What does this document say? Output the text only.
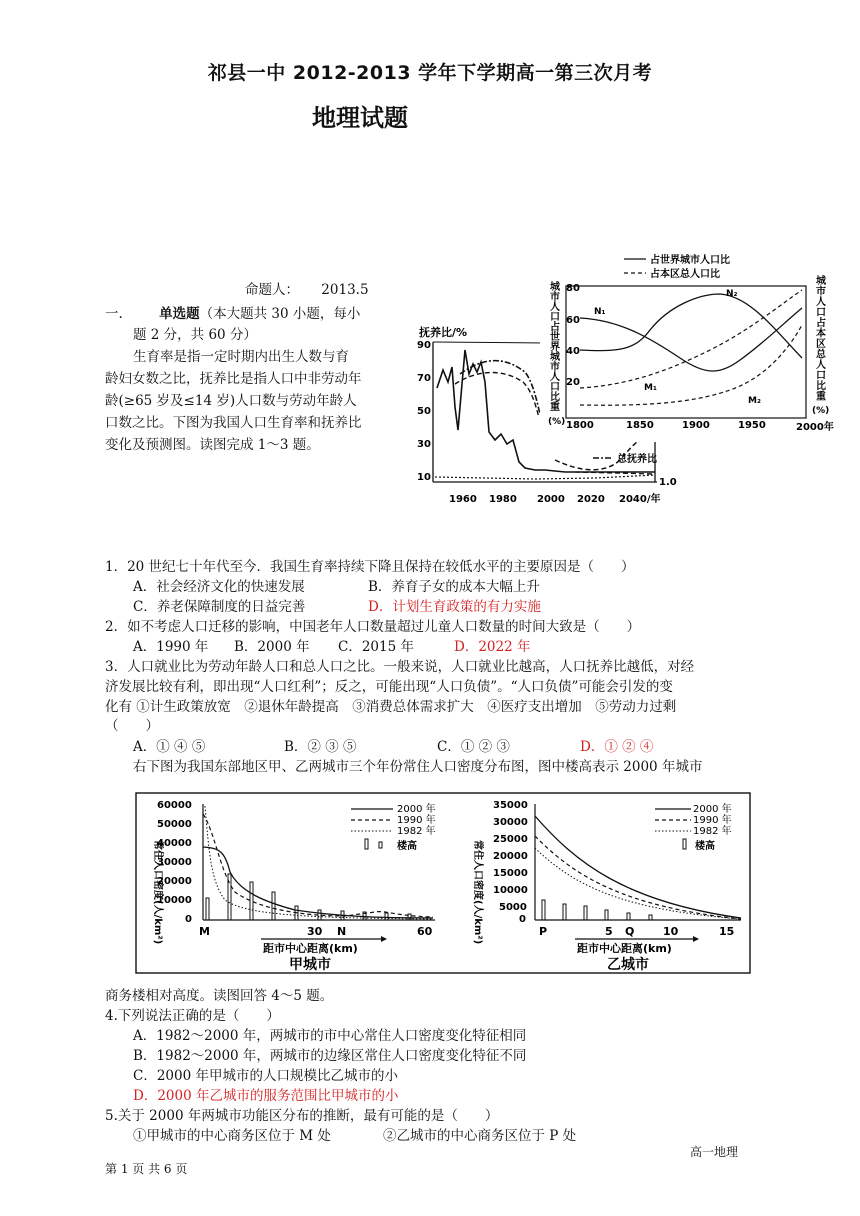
祁县一中 2012-2013 学年下学期高一第三次月考
地理试题
命题人： 2013.5
一.	单选题（本大题共 30 小题，每小
题 2 分，共 60 分）
生育率是指一定时期内出生人数与育
龄妇女数之比，抚养比是指人口中非劳动年
龄(≥65 岁及≤14 岁)人口数与劳动年龄人
口数之比。下图为我国人口生育率和抚养比
变化及预测图。读图完成 1～3 题。
抚养比/%
90
70
50
30
10
总抚养比
1.0
1960 1980 2000 2020 2040/年
占世界城市人口比
占本区总人口比
城
市
人
口
占
世
界
城
市
人
口
比
重
城
市
人
口
占
本
区
总
人
口
比
重
(%)
(%)
80
60
40
20
N₁
N₂
M₁
M₂
1800	1850	1900	1950	2000年
1．20 世纪七十年代至今．我国生育率持续下降且保持在较低水平的主要原因是（　　）
A．社会经济文化的快速发展	B．养育子女的成本大幅上升
C．养老保障制度的日益完善	D．计划生育政策的有力实施
2．如不考虑人口迁移的影响，中国老年人口数量超过儿童人口数量的时间大致是（　　）
A．1990 年 B．2000 年 C．2015 年	D．2022 年
3．人口就业比为劳动年龄人口和总人口之比。一般来说，人口就业比越高，人口抚养比越低，对经
济发展比较有利，即出现“人口红利”；反之，可能出现“人口负债”。“人口负债”可能会引发的变
化有 ①计生政策放宽　②退休年龄提高　③消费总体需求扩大　④医疗支出增加　⑤劳动力过剩
（　　）
A．① ④ ⑤	B．② ③ ⑤	C．① ② ③	D．① ② ④
右下图为我国东部地区甲、乙两城市三个年份常住人口密度分布图，图中楼高表示 2000 年城市
常住人口密度(人/km²)
60000
50000
40000
30000
20000
10000
0
M	30 N	60
距市中心距离(km)
甲城市
2000 年
1990 年
1982 年
楼高	常住人口密度(人/km²)
35000
30000
25000
20000
15000
10000
5000
0
P	5 Q	10	15
距市中心距离(km)
乙城市
2000 年
1990 年
1982 年
楼高
商务楼相对高度。读图回答 4～5 题。
4.下列说法正确的是（　　）
A．1982～2000 年，两城市的市中心常住人口密度变化特征相同
B．1982～2000 年，两城市的边缘区常住人口密度变化特征不同
C．2000 年甲城市的人口规模比乙城市的小
D．2000 年乙城市的服务范围比甲城市的小
5.关于 2000 年两城市功能区分布的推断，最有可能的是（　　）
①甲城市的中心商务区位于 M 处	②乙城市的中心商务区位于 P 处
高一地理
第 1 页 共 6 页
